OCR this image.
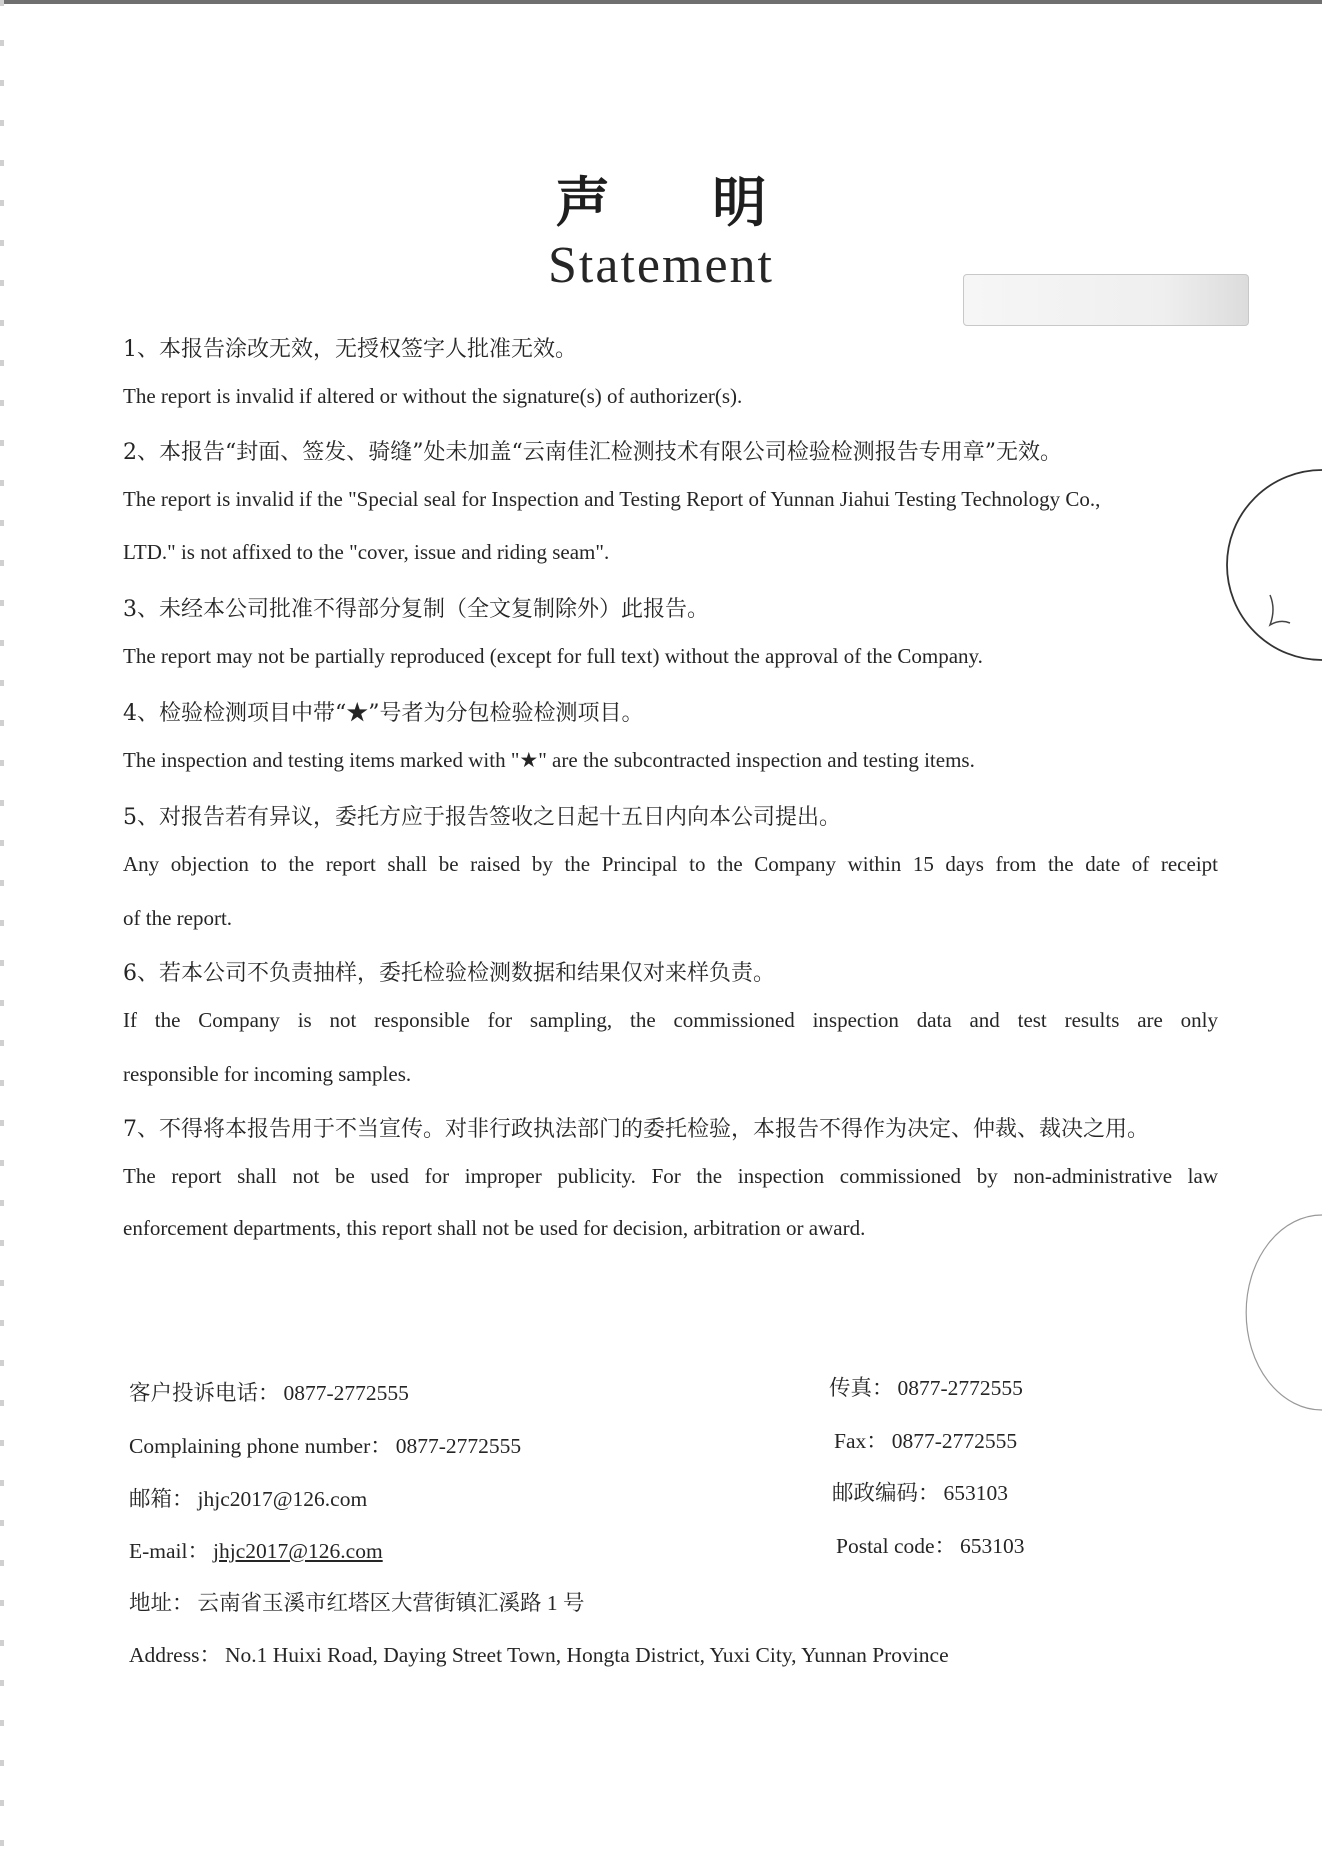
声 明
Statement
1、本报告涂改无效，无授权签字人批准无效。
The report is invalid if altered or without the signature(s) of authorizer(s).
2、本报告“封面、签发、骑缝”处未加盖“云南佳汇检测技术有限公司检验检测报告专用章”无效。
The report is invalid if the "Special seal for Inspection and Testing Report of Yunnan Jiahui Testing Technology Co.,
LTD." is not affixed to the "cover, issue and riding seam".
3、未经本公司批准不得部分复制（全文复制除外）此报告。
The report may not be partially reproduced (except for full text) without the approval of the Company.
4、检验检测项目中带“★”号者为分包检验检测项目。
The inspection and testing items marked with "★" are the subcontracted inspection and testing items.
5、对报告若有异议，委托方应于报告签收之日起十五日内向本公司提出。
Any objection to the report shall be raised by the Principal to the Company within 15 days from the date of receipt
of the report.
6、若本公司不负责抽样，委托检验检测数据和结果仅对来样负责。
If the Company is not responsible for sampling, the commissioned inspection data and test results are only
responsible for incoming samples.
7、不得将本报告用于不当宣传。对非行政执法部门的委托检验，本报告不得作为决定、仲裁、裁决之用。
The report shall not be used for improper publicity. For the inspection commissioned by non-administrative law
enforcement departments, this report shall not be used for decision, arbitration or award.
客户投诉电话： 0877-2772555
Complaining phone number： 0877-2772555
邮箱： jhjc2017@126.com
E-mail： jhjc2017@126.com
地址： 云南省玉溪市红塔区大营街镇汇溪路 1 号
Address： No.1 Huixi Road, Daying Street Town, Hongta District, Yuxi City, Yunnan Province
传真： 0877-2772555
Fax： 0877-2772555
邮政编码： 653103
Postal code： 653103
